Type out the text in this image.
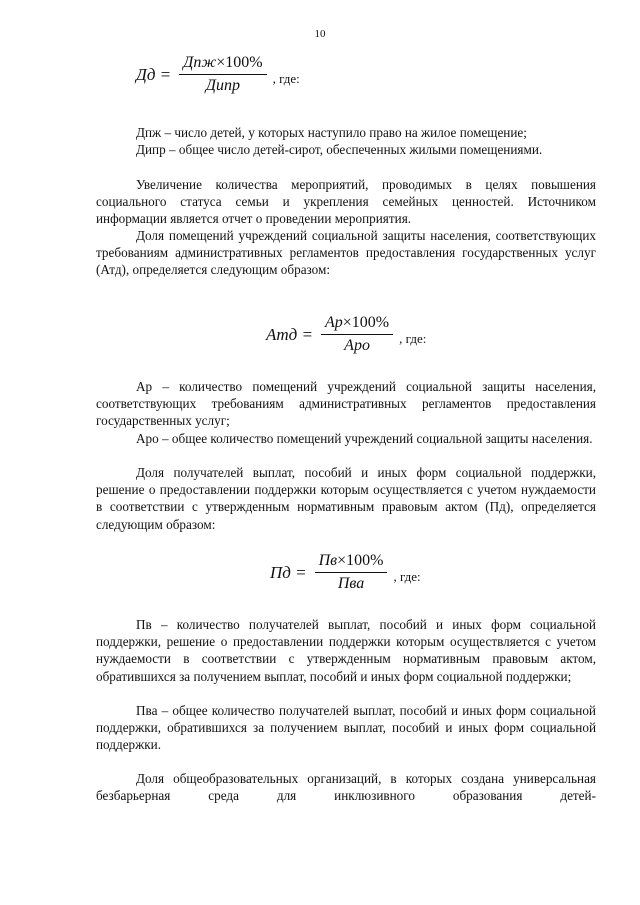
10
Дд = $\frac{\text{Дпж×100\%}}{\text{Дипр}}$ , где:
Дпж – число детей, у которых наступило право на жилое помещение;
Дипр – общее число детей-сирот, обеспеченных жилыми помещениями.
Увеличение количества мероприятий, проводимых в целях повышения социального статуса семьи и укрепления семейных ценностей. Источником информации является отчет о проведении мероприятия.
Доля помещений учреждений социальной защиты населения, соответствующих требованиям административных регламентов предоставления государственных услуг (Атд), определяется следующим образом:
Атд = $\frac{Ар\times 100\%}{\text{Аро}}$ , где:
Ар – количество помещений учреждений социальной защиты населения, соответствующих требованиям административных регламентов предоставления государственных услуг;
Аро – общее количество помещений учреждений социальной защиты населения.
Доля получателей выплат, пособий и иных форм социальной поддержки, решение о предоставлении поддержки которым осуществляется с учетом нуждаемости в соответствии с утвержденным нормативным правовым актом (Пд), определяется следующим образом:
Пд = $\frac{Пв\times 100\%}{\text{Пва}}$ , где:
Пв – количество получателей выплат, пособий и иных форм социальной поддержки, решение о предоставлении поддержки которым осуществляется с учетом нуждаемости в соответствии с утвержденным нормативным правовым актом, обратившихся за получением выплат, пособий и иных форм социальной поддержки;
Пва – общее количество получателей выплат, пособий и иных форм социальной поддержки, обратившихся за получением выплат, пособий и иных форм социальной поддержки.
Доля общеобразовательных организаций, в которых создана универсальная безбарьерная среда для инклюзивного образования детей-
